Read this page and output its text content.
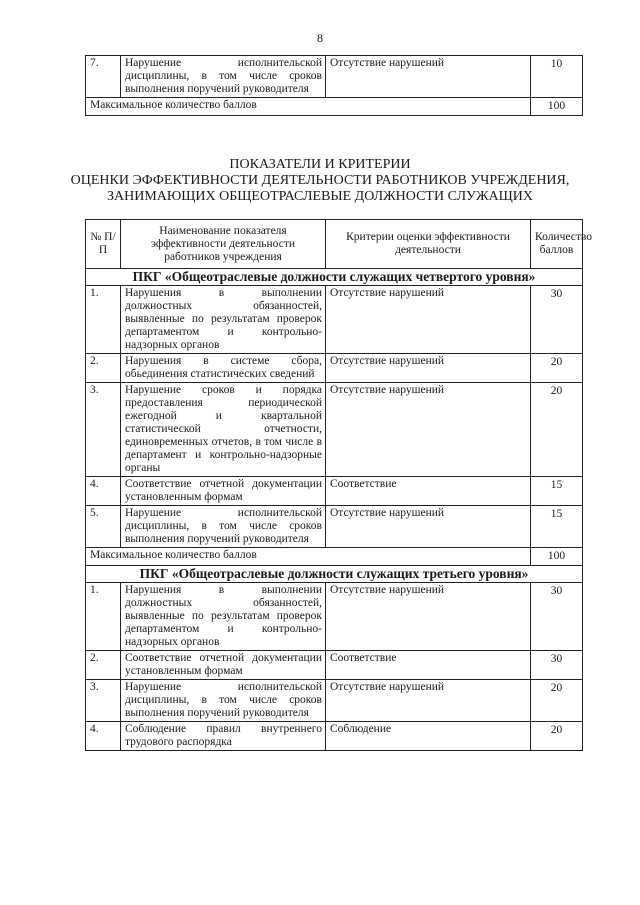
8
7.	Нарушение исполнительской дисциплины, в том числе сроков выполнения поручений руководителя	Отсутствие нарушений	10
Максимальное количество баллов			100
ПОКАЗАТЕЛИ И КРИТЕРИИ
ОЦЕНКИ ЭФФЕКТИВНОСТИ ДЕЯТЕЛЬНОСТИ РАБОТНИКОВ УЧРЕЖДЕНИЯ,
ЗАНИМАЮЩИХ ОБЩЕОТРАСЛЕВЫЕ ДОЛЖНОСТИ СЛУЖАЩИХ
№ П/П	Наименование показателя эффективности деятельности работников учреждения	Критерии оценки эффективности деятельности	Количество баллов
ПКГ «Общеотраслевые должности служащих четвертого уровня»			
1.	Нарушения в выполнении должностных обязанностей, выявленные по результатам проверок департаментом и контрольно-надзорных органов	Отсутствие нарушений	30
2.	Нарушения в системе сбора, обьединения статистических сведений	Отсутствие нарушений	20
3.	Нарушение сроков и порядка предоставления периодической ежегодной и квартальной статистической отчетности, единовременных отчетов, в том числе в департамент и контрольно-надзорные органы	Отсутствие нарушений	20
4.	Соответствие отчетной документации установленным формам	Соответствие	15
5.	Нарушение исполнительской дисциплины, в том числе сроков выполнения поручений руководителя	Отсутствие нарушений	15
Максимальное количество баллов			100
ПКГ «Общеотраслевые должности служащих третьего уровня»			
1.	Нарушения в выполнении должностных обязанностей, выявленные по результатам проверок департаментом и контрольно-надзорных органов	Отсутствие нарушений	30
2.	Соответствие отчетной документации установленным формам	Соответствие	30
3.	Нарушение исполнительской дисциплины, в том числе сроков выполнения поручений руководителя	Отсутствие нарушений	20
4.	Соблюдение правил внутреннего трудового распорядка	Соблюдение	20
